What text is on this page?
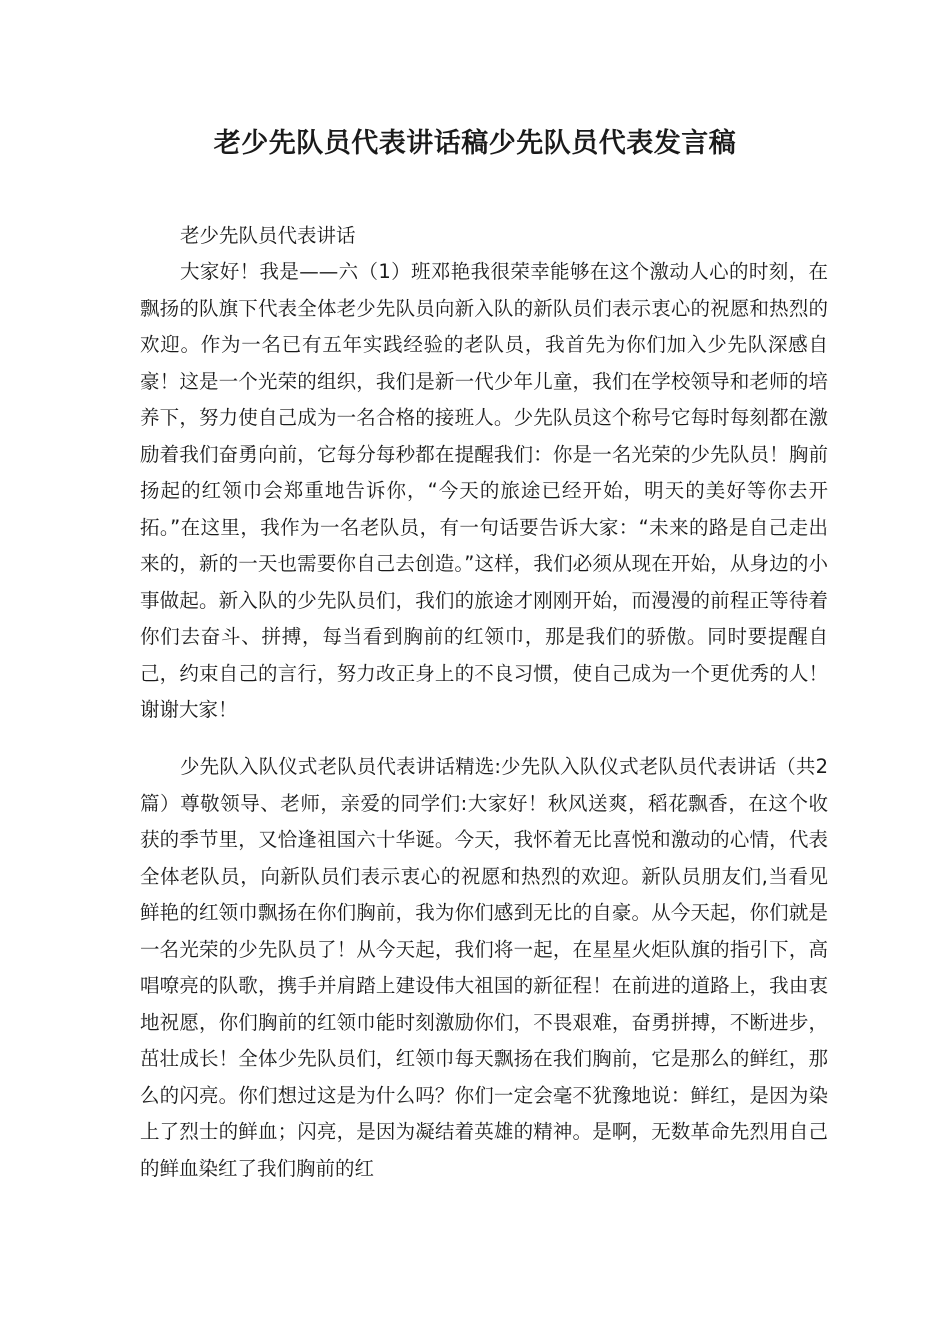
老少先队员代表讲话稿少先队员代表发言稿

老少先队员代表讲话

大家好！我是——六（1）班邓艳我很荣幸能够在这个激动人心的时刻，在飘扬的队旗下代表全体老少先队员向新入队的新队员们表示衷心的祝愿和热烈的欢迎。作为一名已有五年实践经验的老队员，我首先为你们加入少先队深感自豪！这是一个光荣的组织，我们是新一代少年儿童，我们在学校领导和老师的培养下，努力使自己成为一名合格的接班人。少先队员这个称号它每时每刻都在激励着我们奋勇向前，它每分每秒都在提醒我们：你是一名光荣的少先队员！胸前扬起的红领巾会郑重地告诉你，“今天的旅途已经开始，明天的美好等你去开拓。”在这里，我作为一名老队员，有一句话要告诉大家：“未来的路是自己走出来的，新的一天也需要你自己去创造。”这样，我们必须从现在开始，从身边的小事做起。新入队的少先队员们，我们的旅途才刚刚开始，而漫漫的前程正等待着你们去奋斗、拼搏，每当看到胸前的红领巾，那是我们的骄傲。同时要提醒自己，约束自己的言行，努力改正身上的不良习惯，使自己成为一个更优秀的人！谢谢大家！

少先队入队仪式老队员代表讲话精选:少先队入队仪式老队员代表讲话（共2篇）尊敬领导、老师，亲爱的同学们:大家好！秋风送爽，稻花飘香，在这个收获的季节里，又恰逢祖国六十华诞。今天，我怀着无比喜悦和激动的心情，代表全体老队员，向新队员们表示衷心的祝愿和热烈的欢迎。新队员朋友们,当看见鲜艳的红领巾飘扬在你们胸前，我为你们感到无比的自豪。从今天起，你们就是一名光荣的少先队员了！从今天起，我们将一起，在星星火炬队旗的指引下，高唱嘹亮的队歌，携手并肩踏上建设伟大祖国的新征程！在前进的道路上，我由衷地祝愿，你们胸前的红领巾能时刻激励你们，不畏艰难，奋勇拼搏，不断进步，茁壮成长！全体少先队员们，红领巾每天飘扬在我们胸前，它是那么的鲜红，那么的闪亮。你们想过这是为什么吗？你们一定会毫不犹豫地说：鲜红，是因为染上了烈士的鲜血；闪亮，是因为凝结着英雄的精神。是啊，无数革命先烈用自己的鲜血染红了我们胸前的红
